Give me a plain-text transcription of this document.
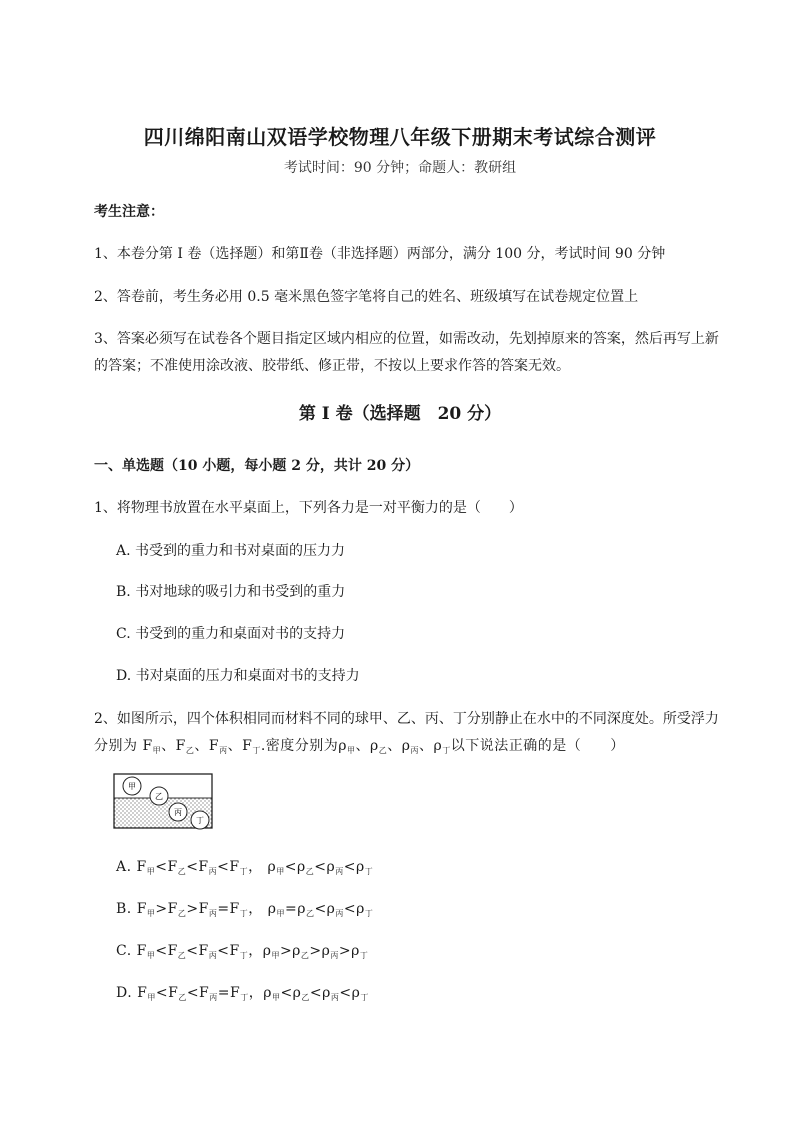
四川绵阳南山双语学校物理八年级下册期末考试综合测评
考试时间：90 分钟；命题人：教研组
考生注意：
1、本卷分第 I 卷（选择题）和第Ⅱ卷（非选择题）两部分，满分 100 分，考试时间 90 分钟
2、答卷前，考生务必用 0.5 毫米黑色签字笔将自己的姓名、班级填写在试卷规定位置上
3、答案必须写在试卷各个题目指定区域内相应的位置，如需改动，先划掉原来的答案，然后再写上新
的答案；不准使用涂改液、胶带纸、修正带，不按以上要求作答的答案无效。
第 I 卷（选择题　20 分）
一、单选题（10 小题，每小题 2 分，共计 20 分）
1、将物理书放置在水平桌面上，下列各力是一对平衡力的是（　　）
A. 书受到的重力和书对桌面的压力力
B. 书对地球的吸引力和书受到的重力
C. 书受到的重力和桌面对书的支持力
D. 书对桌面的压力和桌面对书的支持力
2、如图所示，四个体积相同而材料不同的球甲、乙、丙、丁分别静止在水中的不同深度处。所受浮力
分别为 $F_甲$、$F_乙$、$F_丙$、$F_丁$.密度分别为$\rho_甲$、$\rho_乙$、$\rho_丙$、$\rho_丁$以下说法正确的是（　　）
甲
乙
丙
丁
A. $F_甲<F_乙<F_丙<F_丁$， $\rho_甲<\rho_乙<\rho_丙<\rho_丁$
B. $F_甲>F_乙>F_丙=F_丁$， $\rho_甲=\rho_乙<\rho_丙<\rho_丁$
C. $F_甲<F_乙<F_丙<F_丁$，$\rho_甲>\rho_乙>\rho_丙>\rho_丁$
D. $F_甲<F_乙<F_丙=F_丁$，$\rho_甲<\rho_乙<\rho_丙<\rho_丁$
